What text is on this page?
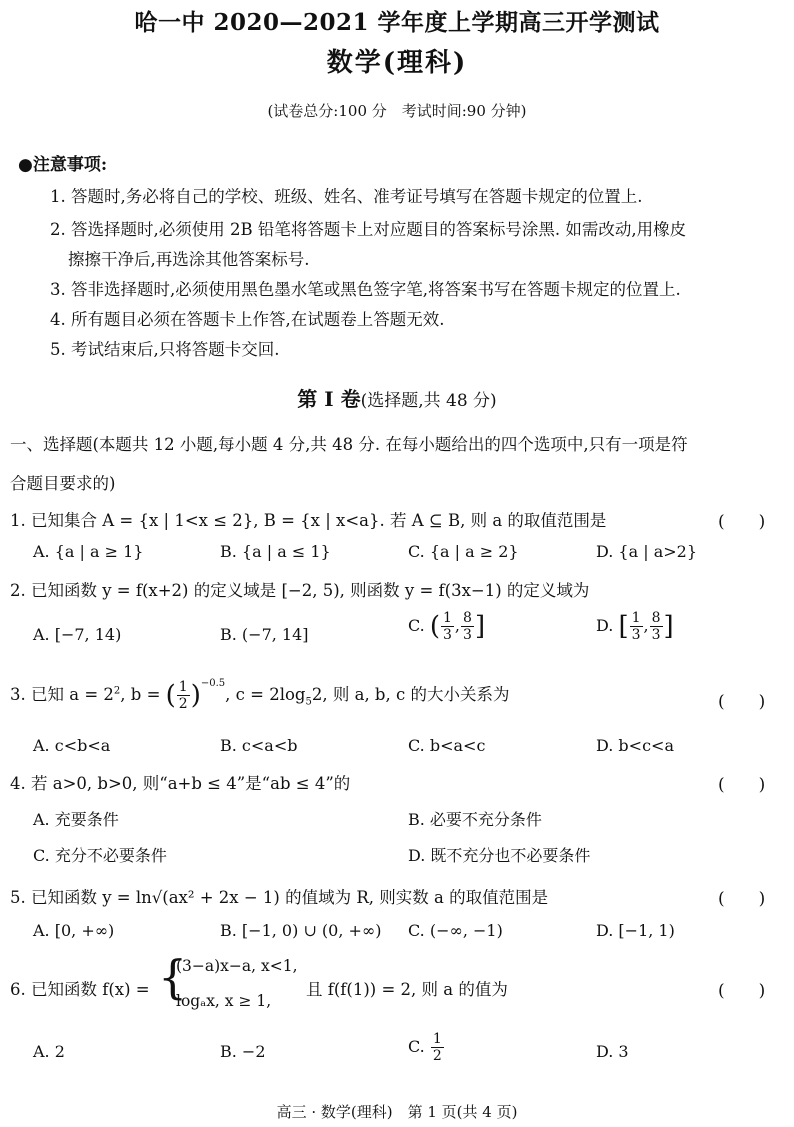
哈一中 2020—2021 学年度上学期高三开学测试
数学(理科)
(试卷总分:100 分　考试时间:90 分钟)
●注意事项:
1. 答题时,务必将自己的学校、班级、姓名、准考证号填写在答题卡规定的位置上.
2. 答选择题时,必须使用 2B 铅笔将答题卡上对应题目的答案标号涂黑. 如需改动,用橡皮
擦擦干净后,再选涂其他答案标号.
3. 答非选择题时,必须使用黑色墨水笔或黑色签字笔,将答案书写在答题卡规定的位置上.
4. 所有题目必须在答题卡上作答,在试题卷上答题无效.
5. 考试结束后,只将答题卡交回.
第 Ⅰ 卷(选择题,共 48 分)
一、选择题(本题共 12 小题,每小题 4 分,共 48 分. 在每小题给出的四个选项中,只有一项是符
合题目要求的)
1. 已知集合 A = {x | 1<x ≤ 2}, B = {x | x<a}. 若 A ⊆ B, 则 a 的取值范围是	(　　)
A. {a | a ≥ 1}	B. {a | a ≤ 1}	C. {a | a ≥ 2}	D. {a | a>2}
2. 已知函数 y = f(x+2) 的定义域是 [−2, 5), 则函数 y = f(3x−1) 的定义域为
A. [−7, 14)	B. (−7, 14]	C. ( $\frac{1}{3}$ , $\frac{8}{3}$ ]	D. [ $\frac{1}{3}$ , $\frac{8}{3}$ ]
3. 已知 $a = 2^2$, b = ( $\frac{1}{2} )^{-0.5}$, $c = 2\log_52$, 则 a, b, c 的大小关系为	(　　)
A. c<b<a	B. c<a<b	C. b<a<c	D. b<c<a
4. 若 a>0, b>0, 则“a+b ≤ 4”是“ab ≤ 4”的	(　　)
A. 充要条件	B. 必要不充分条件
C. 充分不必要条件	D. 既不充分也不必要条件
5. 已知函数 y = ln√(ax² + 2x − 1) 的值域为 R, 则实数 a 的取值范围是	(　　)
A. [0, +∞)	B. [−1, 0) ∪ (0, +∞) C. (−∞, −1)	D. [−1, 1)
6. 已知函数 f(x) = {
(3−a)x−a, x<1,
logₐx, x ≥ 1,
且 f(f(1)) = 2, 则 a 的值为	(　　)
A. 2	B. −2	C. $\frac{1}{2}$	D. 3
高三 · 数学(理科)　第 1 页(共 4 页)
